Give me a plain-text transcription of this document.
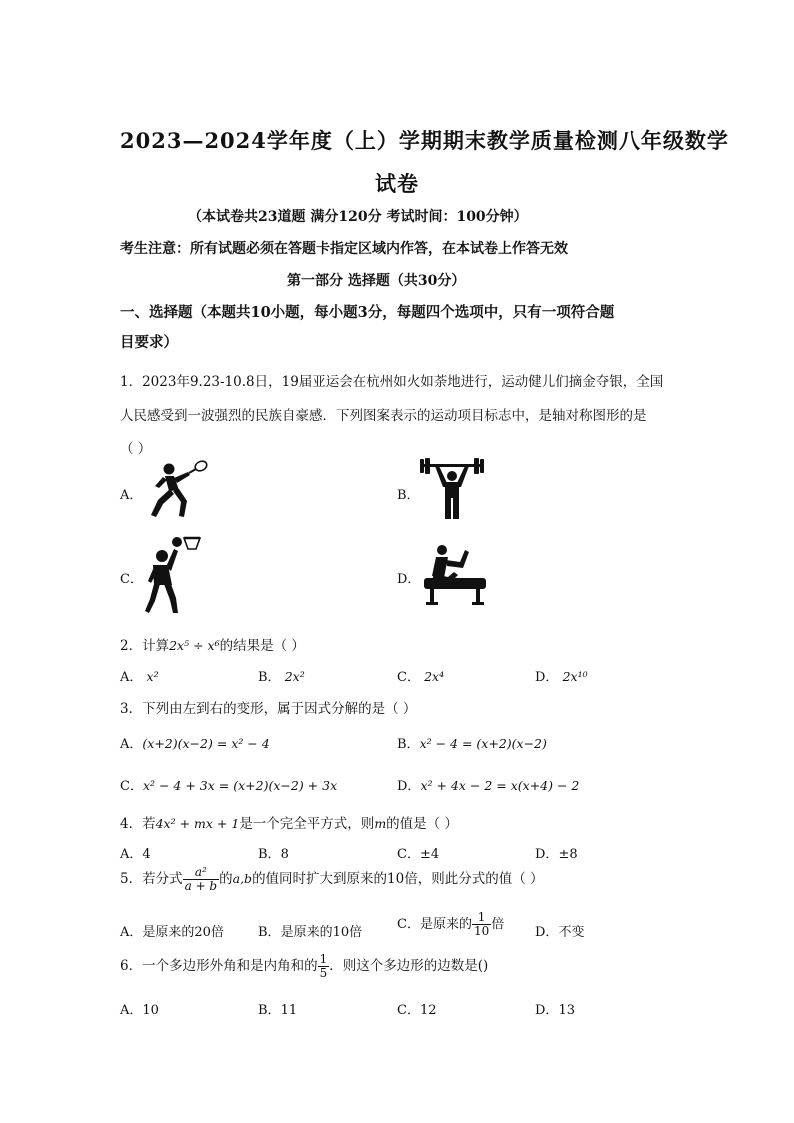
2023—2024学年度（上）学期期末教学质量检测八年级数学
试卷
（本试卷共23道题 满分120分 考试时间：100分钟）
考生注意：所有试题必须在答题卡指定区域内作答，在本试卷上作答无效
第一部分 选择题（共30分）
一、选择题（本题共10小题，每小题3分，每题四个选项中，只有一项符合题
目要求）
1．2023年9.23-10.8日，19届亚运会在杭州如火如荼地进行，运动健儿们摘金夺银，全国
人民感受到一波强烈的民族自豪感．下列图案表示的运动项目标志中，是轴对称图形的是
（ ）
A．	B．
C．	D．
2．计算2x⁵ ÷ x⁶的结果是（ ）
A． x²	B． 2x²	C． 2x⁴	D． 2x¹⁰
3．下列由左到右的变形，属于因式分解的是（ ）
A．(x+2)(x−2) = x² − 4	B．x² − 4 = (x+2)(x−2)
C．x² − 4 + 3x = (x+2)(x−2) + 3x	D．x² + 4x − 2 = x(x+4) − 2
4．若4x² + mx + 1是一个完全平方式，则m的值是（ ）
A．4	B．8	C．±4	D．±8
5．若分式 $\frac{\text{a²}}{a + b}$ 的a,b的值同时扩大到原来的10倍，则此分式的值（ ）
A．是原来的20倍	B．是原来的10倍
C．是原来的 $\frac{1}{10}$ 倍
D．不变
6．一个多边形外角和是内角和的 $\frac{1}{5}$ ．则这个多边形的边数是()
A．10	B．11	C．12	D．13
